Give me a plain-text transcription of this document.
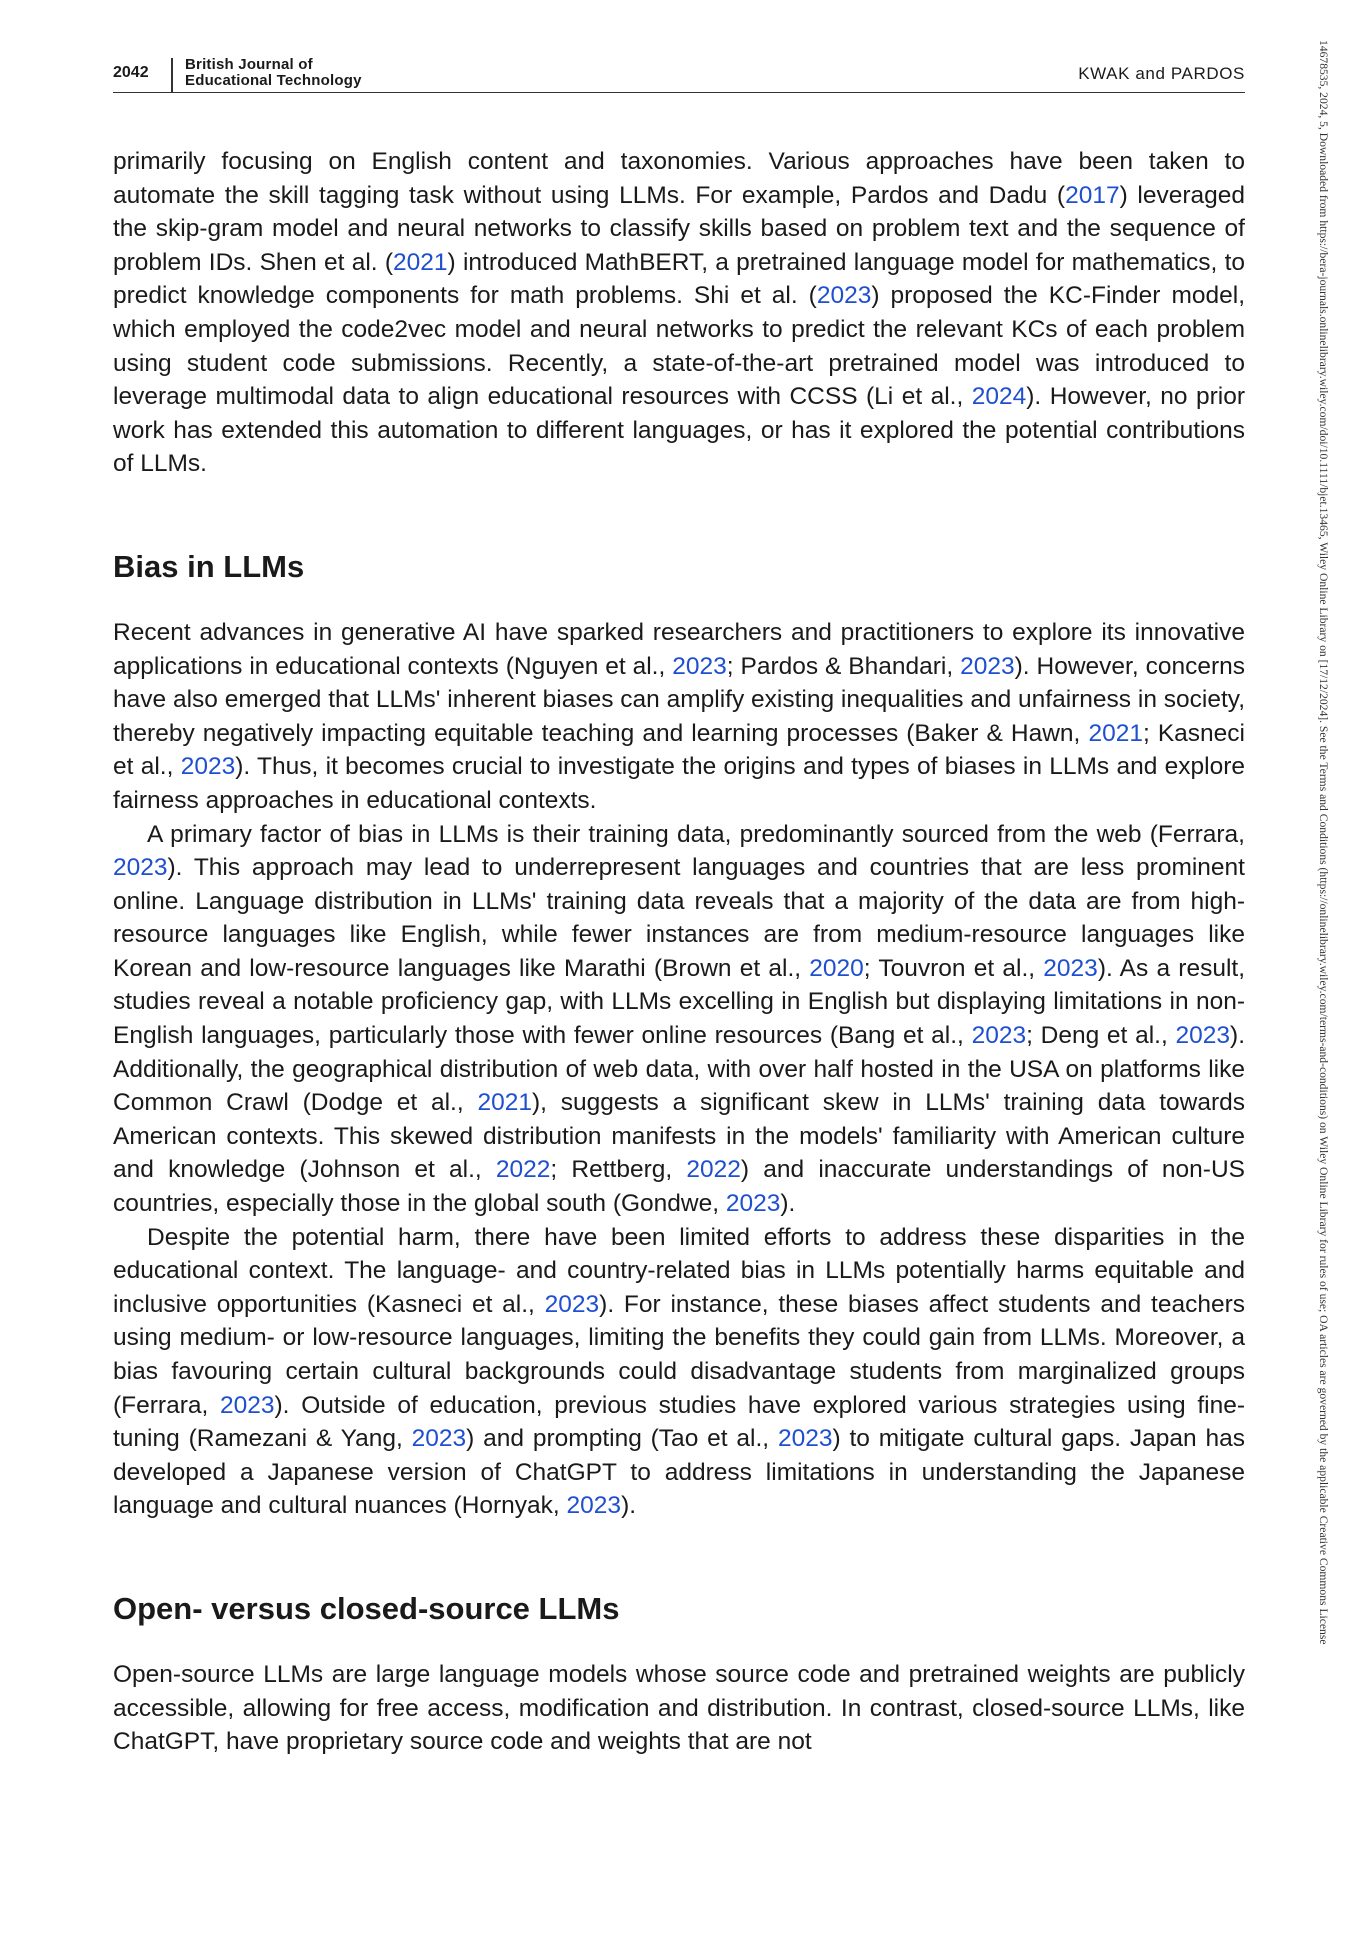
2042 British Journal of
Educational Technology	KWAK and PARDOS	14678535, 2024, 5, Downloaded from https://bera-journals.onlinelibrary.wiley.com/doi/10.1111/bjet.13465, Wiley Online Library on [17/12/2024]. See the Terms and Conditions (https://onlinelibrary.wiley.com/terms-and-conditions) on Wiley Online Library for rules of use; OA articles are governed by the applicable Creative Commons License

primarily focusing on English content and taxonomies. Various approaches have been taken to automate the skill tagging task without using LLMs. For example, Pardos and Dadu (2017) leveraged the skip-gram model and neural networks to classify skills based on problem text and the sequence of problem IDs. Shen et al. (2021) introduced MathBERT, a pretrained language model for mathematics, to predict knowledge components for math problems. Shi et al. (2023) proposed the KC-Finder model, which employed the code2vec model and neural networks to predict the relevant KCs of each problem using student code submissions. Recently, a state-of-the-art pretrained model was introduced to leverage multimodal data to align educational resources with CCSS (Li et al., 2024). However, no prior work has extended this automation to different languages, or has it explored the potential contributions of LLMs.

Bias in LLMs

Recent advances in generative AI have sparked researchers and practitioners to explore its innovative applications in educational contexts (Nguyen et al., 2023; Pardos & Bhandari, 2023). However, concerns have also emerged that LLMs' inherent biases can amplify existing inequalities and unfairness in society, thereby negatively impacting equitable teaching and learning processes (Baker & Hawn, 2021; Kasneci et al., 2023). Thus, it becomes crucial to investigate the origins and types of biases in LLMs and explore fairness approaches in educational contexts.

A primary factor of bias in LLMs is their training data, predominantly sourced from the web (Ferrara, 2023). This approach may lead to underrepresent languages and countries that are less prominent online. Language distribution in LLMs' training data reveals that a majority of the data are from high-resource languages like English, while fewer instances are from medium-resource languages like Korean and low-resource languages like Marathi (Brown et al., 2020; Touvron et al., 2023). As a result, studies reveal a notable proficiency gap, with LLMs excelling in English but displaying limitations in non-English languages, particularly those with fewer online resources (Bang et al., 2023; Deng et al., 2023). Additionally, the geographical distribution of web data, with over half hosted in the USA on platforms like Common Crawl (Dodge et al., 2021), suggests a significant skew in LLMs' training data towards American contexts. This skewed distribution manifests in the models' familiarity with American culture and knowledge (Johnson et al., 2022; Rettberg, 2022) and inaccurate understandings of non-US countries, especially those in the global south (Gondwe, 2023).

Despite the potential harm, there have been limited efforts to address these disparities in the educational context. The language- and country-related bias in LLMs potentially harms equitable and inclusive opportunities (Kasneci et al., 2023). For instance, these biases affect students and teachers using medium- or low-resource languages, limiting the benefits they could gain from LLMs. Moreover, a bias favouring certain cultural backgrounds could disadvantage students from marginalized groups (Ferrara, 2023). Outside of education, previous studies have explored various strategies using fine-tuning (Ramezani & Yang, 2023) and prompting (Tao et al., 2023) to mitigate cultural gaps. Japan has developed a Japanese version of ChatGPT to address limitations in understanding the Japanese language and cultural nuances (Hornyak, 2023).

Open- versus closed-source LLMs

Open-source LLMs are large language models whose source code and pretrained weights are publicly accessible, allowing for free access, modification and distribution. In contrast, closed-source LLMs, like ChatGPT, have proprietary source code and weights that are not
